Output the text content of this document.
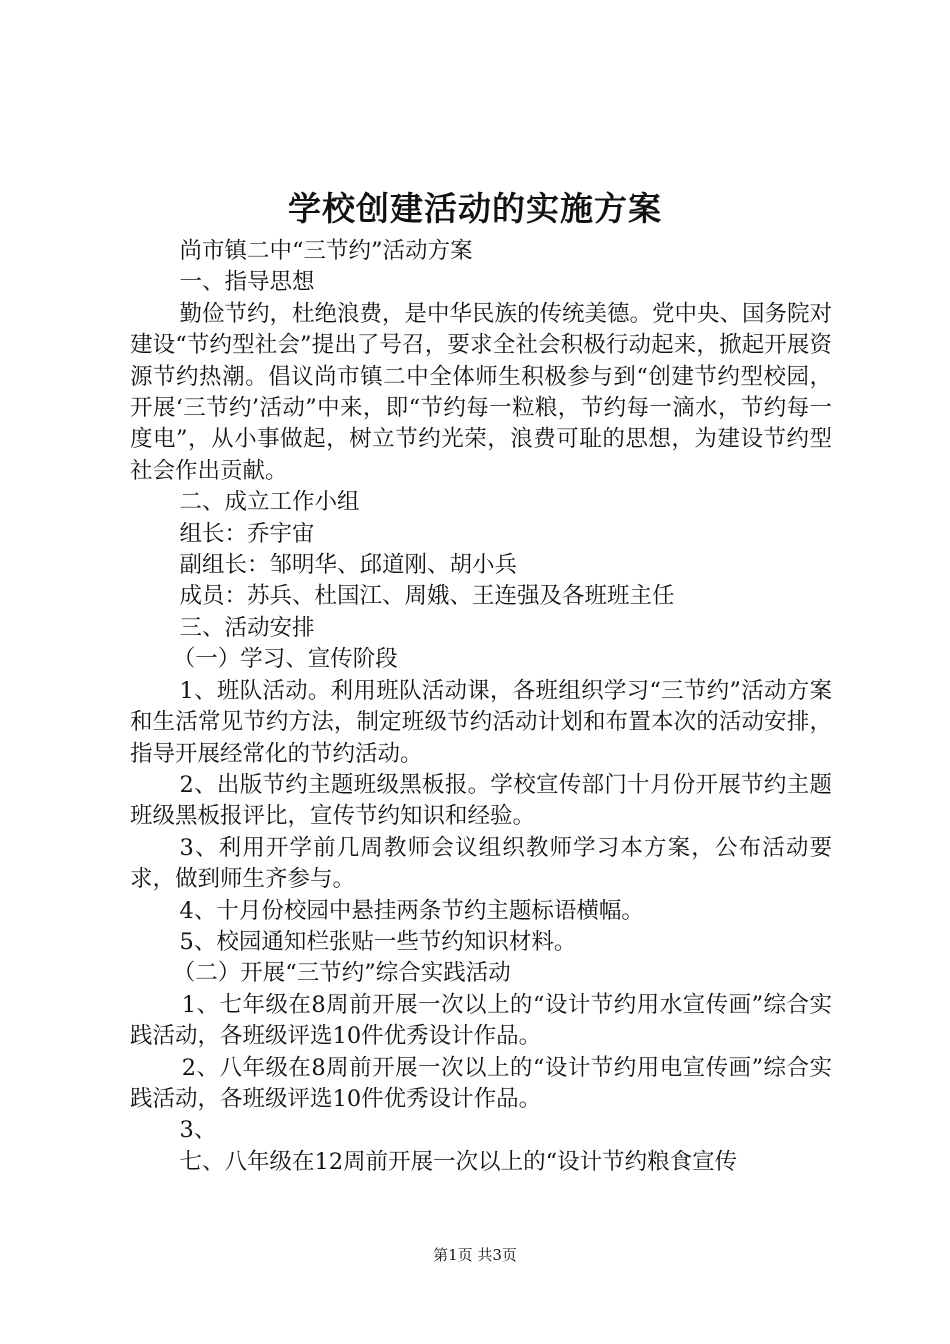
学校创建活动的实施方案

尚市镇二中“三节约”活动方案

一、指导思想

勤俭节约，杜绝浪费，是中华民族的传统美德。党中央、国务院对建设“节约型社会”提出了号召，要求全社会积极行动起来，掀起开展资源节约热潮。倡议尚市镇二中全体师生积极参与到“创建节约型校园，开展‘三节约’活动”中来，即“节约每一粒粮，节约每一滴水，节约每一度电”，从小事做起，树立节约光荣，浪费可耻的思想，为建设节约型社会作出贡献。

二、成立工作小组

组长：乔宇宙

副组长：邹明华、邱道刚、胡小兵

成员：苏兵、杜国江、周娥、王连强及各班班主任

三、活动安排

（一）学习、宣传阶段

1、班队活动。利用班队活动课，各班组织学习“三节约”活动方案和生活常见节约方法，制定班级节约活动计划和布置本次的活动安排，指导开展经常化的节约活动。

2、出版节约主题班级黑板报。学校宣传部门十月份开展节约主题班级黑板报评比，宣传节约知识和经验。

3、利用开学前几周教师会议组织教师学习本方案，公布活动要求，做到师生齐参与。

4、十月份校园中悬挂两条节约主题标语横幅。

5、校园通知栏张贴一些节约知识材料。

（二）开展“三节约”综合实践活动

1、七年级在8周前开展一次以上的“设计节约用水宣传画”综合实践活动，各班级评选10件优秀设计作品。

2、八年级在8周前开展一次以上的“设计节约用电宣传画”综合实践活动，各班级评选10件优秀设计作品。

3、

七、八年级在12周前开展一次以上的“设计节约粮食宣传

第1页 共3页
